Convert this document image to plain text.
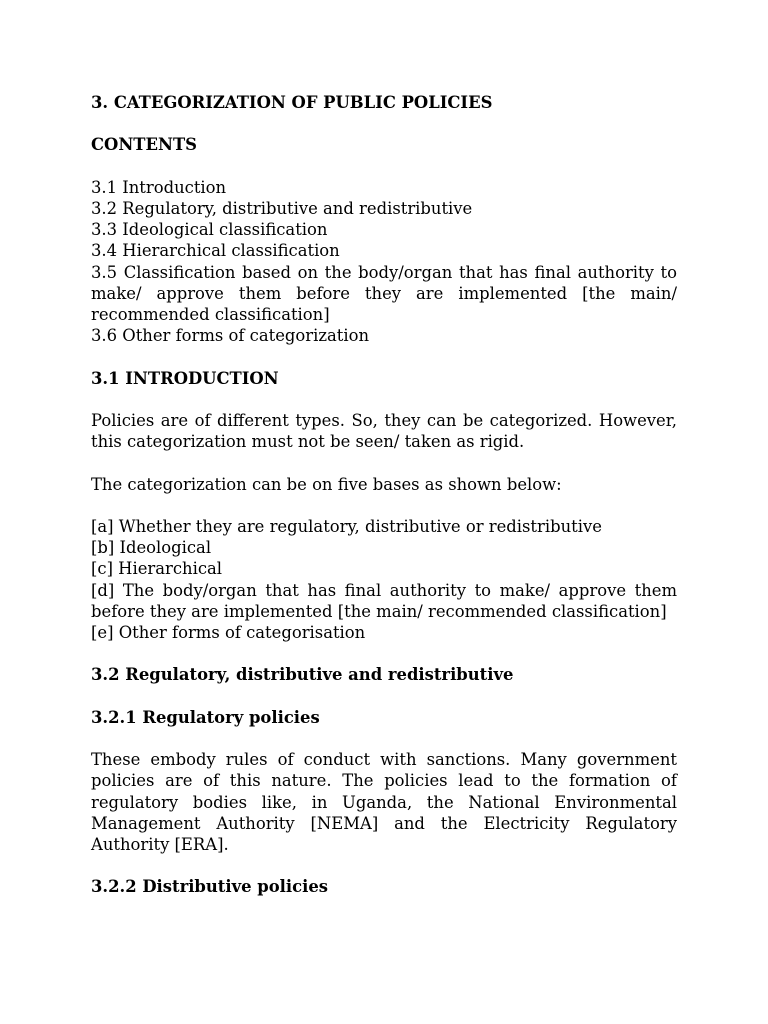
3. CATEGORIZATION OF PUBLIC POLICIES
CONTENTS
3.1 Introduction
3.2 Regulatory, distributive and redistributive
3.3 Ideological classification
3.4 Hierarchical classification
3.5 Classification based on the body/organ that has final authority to make/ approve them before they are implemented [the main/ recommended classification]
3.6 Other forms of categorization
3.1 INTRODUCTION

Policies are of different types. So, they can be categorized. However, this categorization must not be seen/ taken as rigid.

The categorization can be on five bases as shown below:

[a] Whether they are regulatory, distributive or redistributive
[b] Ideological
[c] Hierarchical
[d] The body/organ that has final authority to make/ approve them before they are implemented [the main/ recommended classification]
[e] Other forms of categorisation
3.2 Regulatory, distributive and redistributive
3.2.1 Regulatory policies

These embody rules of conduct with sanctions. Many government policies are of this nature. The policies lead to the formation of regulatory bodies like, in Uganda, the National Environmental Management Authority [NEMA] and the Electricity Regulatory Authority [ERA].

3.2.2 Distributive policies
